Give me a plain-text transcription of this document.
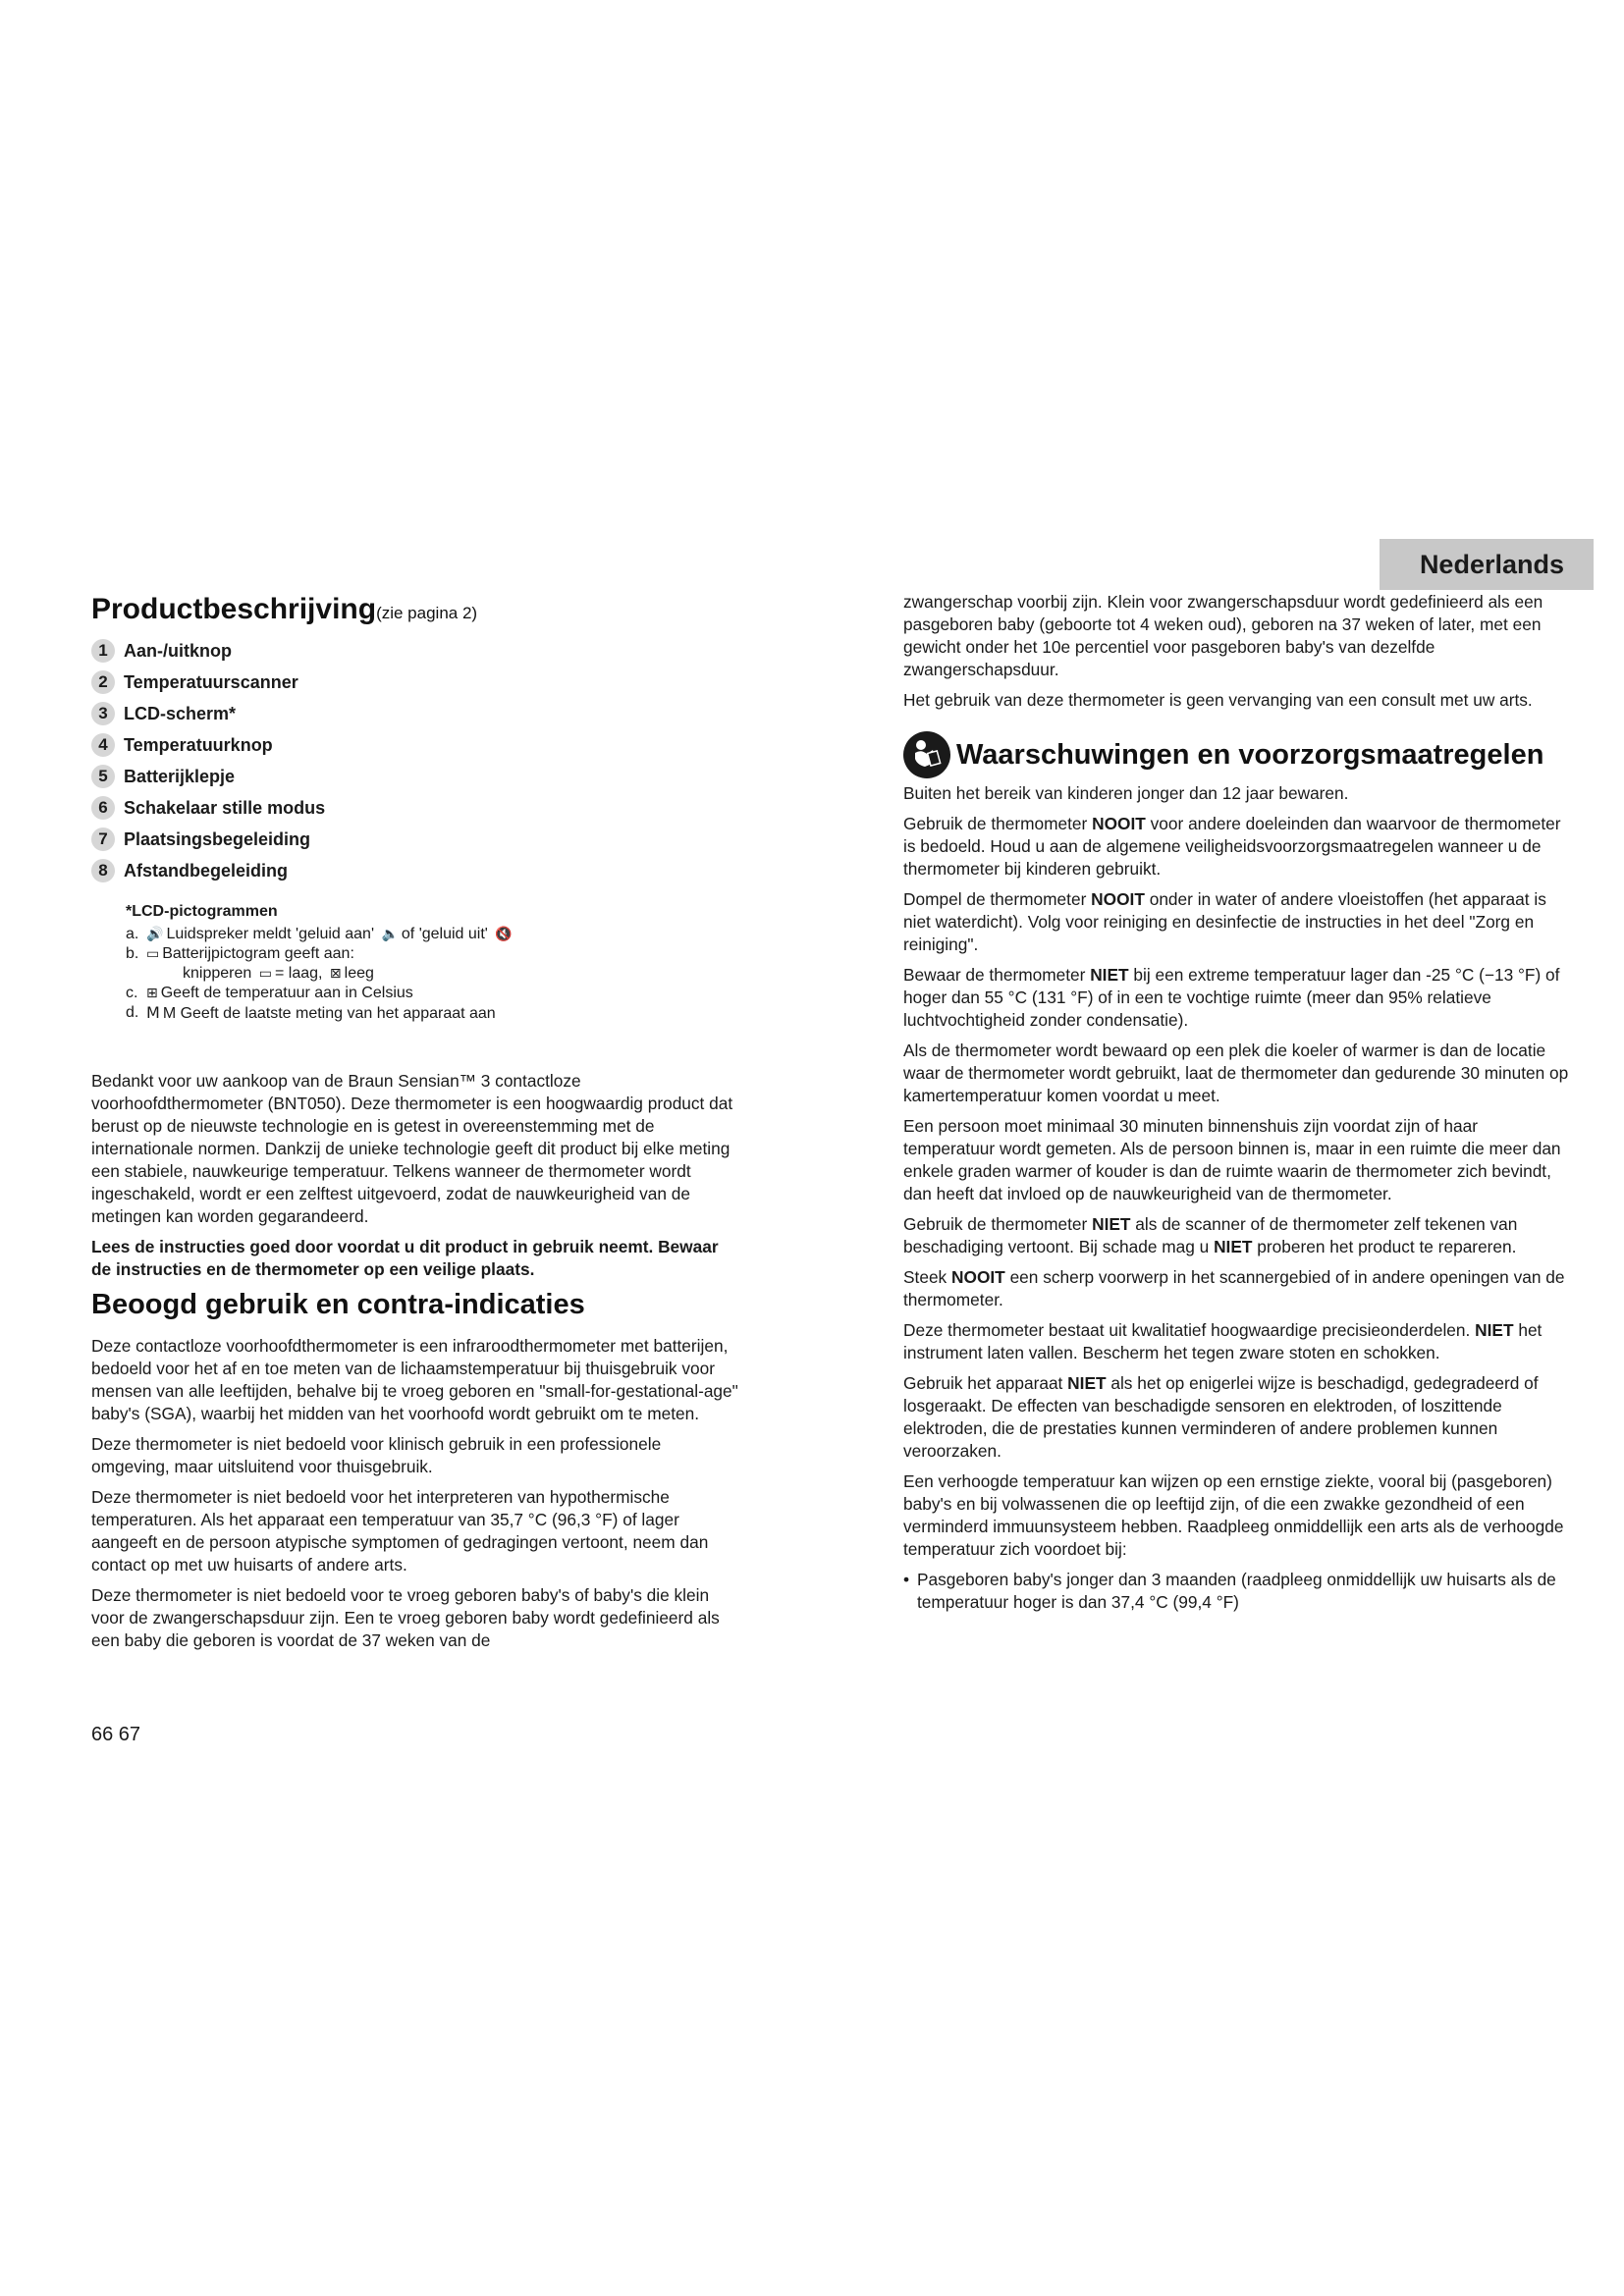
Nederlands
Productbeschrijving(zie pagina 2)
1 Aan-/uitknop
2 Temperatuurscanner
3 LCD-scherm*
4 Temperatuurknop
5 Batterijklepje
6 Schakelaar stille modus
7 Plaatsingsbegeleiding
8 Afstandbegeleiding
*LCD-pictogrammen
a. 🔊 Luidspreker meldt 'geluid aan' 🔈 of 'geluid uit' 🔇
b. ▭ Batterijpictogram geeft aan:
knipperen ▭ = laag, ⊠ leeg
c. ⊞ Geeft de temperatuur aan in Celsius
d. M M Geeft de laatste meting van het apparaat aan

Bedankt voor uw aankoop van de Braun Sensian™ 3 contactloze voorhoofdthermometer (BNT050). Deze thermometer is een hoogwaardig product dat berust op de nieuwste technologie en is getest in overeenstemming met de internationale normen. Dankzij de unieke technologie geeft dit product bij elke meting een stabiele, nauwkeurige temperatuur. Telkens wanneer de thermometer wordt ingeschakeld, wordt er een zelftest uitgevoerd, zodat de nauwkeurigheid van de metingen kan worden gegarandeerd.

Lees de instructies goed door voordat u dit product in gebruik neemt. Bewaar de instructies en de thermometer op een veilige plaats.

Beoogd gebruik en contra-indicaties

Deze contactloze voorhoofdthermometer is een infraroodthermometer met batterijen, bedoeld voor het af en toe meten van de lichaamstemperatuur bij thuisgebruik voor mensen van alle leeftijden, behalve bij te vroeg geboren en "small-for-gestational-age" baby's (SGA), waarbij het midden van het voorhoofd wordt gebruikt om te meten.

Deze thermometer is niet bedoeld voor klinisch gebruik in een professionele omgeving, maar uitsluitend voor thuisgebruik.

Deze thermometer is niet bedoeld voor het interpreteren van hypothermische temperaturen. Als het apparaat een temperatuur van 35,7 °C (96,3 °F) of lager aangeeft en de persoon atypische symptomen of gedragingen vertoont, neem dan contact op met uw huisarts of andere arts.

Deze thermometer is niet bedoeld voor te vroeg geboren baby's of baby's die klein voor de zwangerschapsduur zijn. Een te vroeg geboren baby wordt gedefinieerd als een baby die geboren is voordat de 37 weken van de

66 67

zwangerschap voorbij zijn. Klein voor zwangerschapsduur wordt gedefinieerd als een pasgeboren baby (geboorte tot 4 weken oud), geboren na 37 weken of later, met een gewicht onder het 10e percentiel voor pasgeboren baby's van dezelfde zwangerschapsduur.

Het gebruik van deze thermometer is geen vervanging van een consult met uw arts.

Waarschuwingen en voorzorgsmaatregelen

Buiten het bereik van kinderen jonger dan 12 jaar bewaren.

Gebruik de thermometer NOOIT voor andere doeleinden dan waarvoor de thermometer is bedoeld. Houd u aan de algemene veiligheidsvoorzorgsmaatregelen wanneer u de thermometer bij kinderen gebruikt.

Dompel de thermometer NOOIT onder in water of andere vloeistoffen (het apparaat is niet waterdicht). Volg voor reiniging en desinfectie de instructies in het deel "Zorg en reiniging".

Bewaar de thermometer NIET bij een extreme temperatuur lager dan -25 °C (−13 °F) of hoger dan 55 °C (131 °F) of in een te vochtige ruimte (meer dan 95% relatieve luchtvochtigheid zonder condensatie).

Als de thermometer wordt bewaard op een plek die koeler of warmer is dan de locatie waar de thermometer wordt gebruikt, laat de thermometer dan gedurende 30 minuten op kamertemperatuur komen voordat u meet.

Een persoon moet minimaal 30 minuten binnenshuis zijn voordat zijn of haar temperatuur wordt gemeten. Als de persoon binnen is, maar in een ruimte die meer dan enkele graden warmer of kouder is dan de ruimte waarin de thermometer zich bevindt, dan heeft dat invloed op de nauwkeurigheid van de thermometer.

Gebruik de thermometer NIET als de scanner of de thermometer zelf tekenen van beschadiging vertoont. Bij schade mag u NIET proberen het product te repareren.

Steek NOOIT een scherp voorwerp in het scannergebied of in andere openingen van de thermometer.

Deze thermometer bestaat uit kwalitatief hoogwaardige precisieonderdelen. NIET het instrument laten vallen. Bescherm het tegen zware stoten en schokken.

Gebruik het apparaat NIET als het op enigerlei wijze is beschadigd, gedegradeerd of losgeraakt. De effecten van beschadigde sensoren en elektroden, of loszittende elektroden, die de prestaties kunnen verminderen of andere problemen kunnen veroorzaken.

Een verhoogde temperatuur kan wijzen op een ernstige ziekte, vooral bij (pasgeboren) baby's en bij volwassenen die op leeftijd zijn, of die een zwakke gezondheid of een verminderd immuunsysteem hebben. Raadpleeg onmiddellijk een arts als de verhoogde temperatuur zich voordoet bij:

• Pasgeboren baby's jonger dan 3 maanden (raadpleeg onmiddellijk uw huisarts als de temperatuur hoger is dan 37,4 °C (99,4 °F)
